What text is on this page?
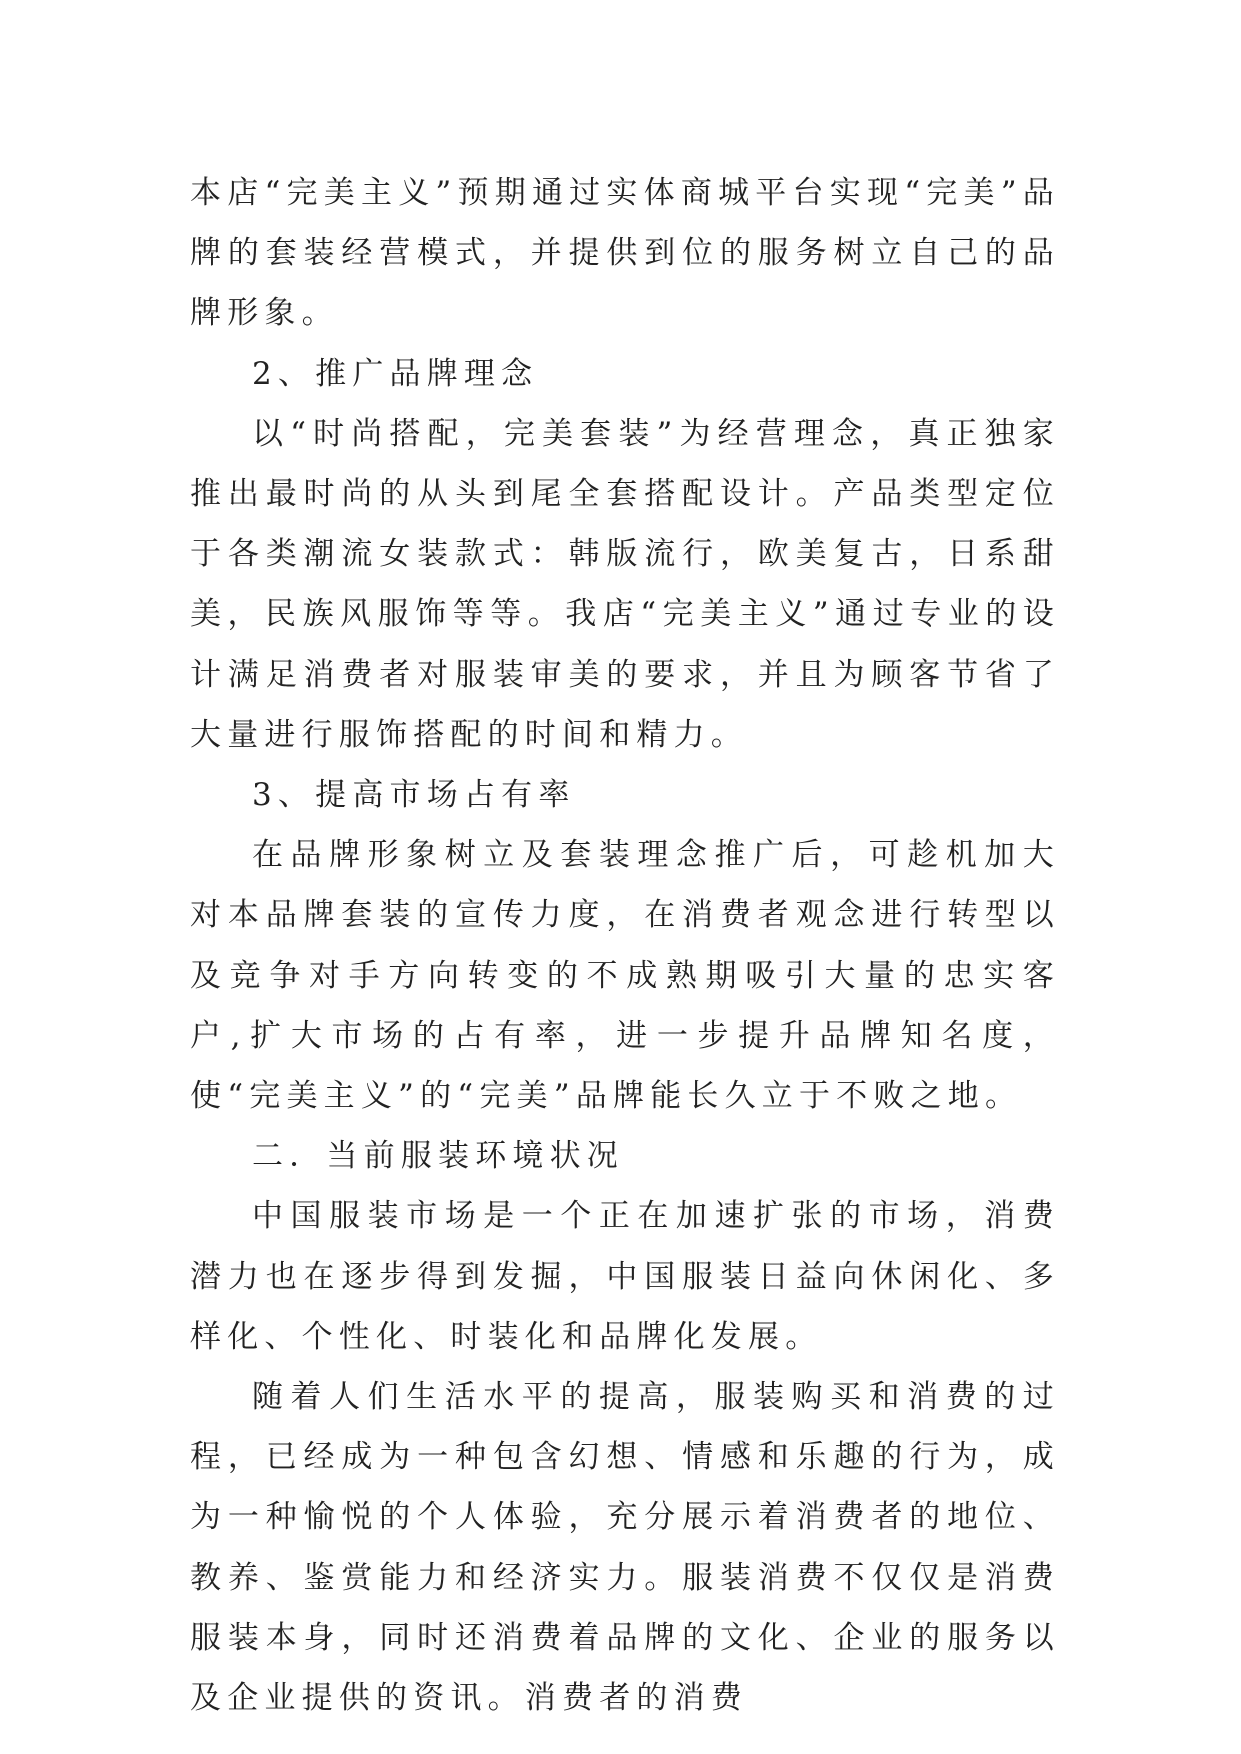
本店“完美主义”预期通过实体商城平台实现“完美”品牌的套装经营模式，并提供到位的服务树立自己的品牌形象。

2、推广品牌理念

以“时尚搭配，完美套装”为经营理念，真正独家推出最时尚的从头到尾全套搭配设计。产品类型定位于各类潮流女装款式：韩版流行，欧美复古，日系甜美，民族风服饰等等。我店“完美主义”通过专业的设计满足消费者对服装审美的要求，并且为顾客节省了大量进行服饰搭配的时间和精力。

3、提高市场占有率

在品牌形象树立及套装理念推广后，可趁机加大对本品牌套装的宣传力度，在消费者观念进行转型以及竞争对手方向转变的不成熟期吸引大量的忠实客户,扩大市场的占有率，进一步提升品牌知名度，使“完美主义”的“完美”品牌能长久立于不败之地。

二．当前服装环境状况

中国服装市场是一个正在加速扩张的市场，消费潜力也在逐步得到发掘，中国服装日益向休闲化、多样化、个性化、时装化和品牌化发展。

随着人们生活水平的提高，服装购买和消费的过程，已经成为一种包含幻想、情感和乐趣的行为，成为一种愉悦的个人体验，充分展示着消费者的地位、教养、鉴赏能力和经济实力。服装消费不仅仅是消费服装本身，同时还消费着品牌的文化、企业的服务以及企业提供的资讯。消费者的消费
